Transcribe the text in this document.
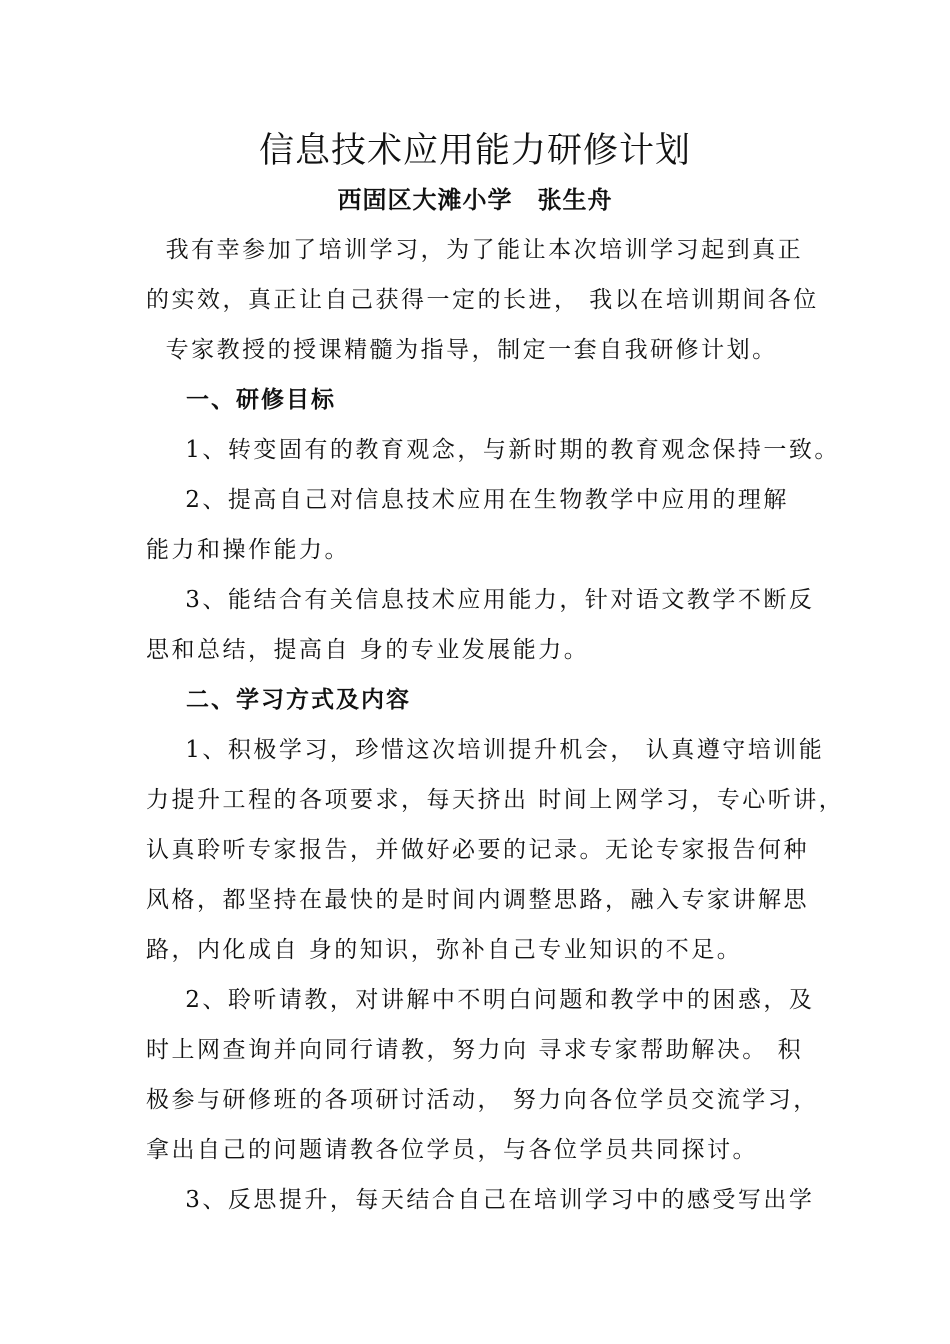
信息技术应用能力研修计划
西固区大滩小学　张生舟
我有幸参加了培训学习，为了能让本次培训学习起到真正
的实效，真正让自己获得一定的长进， 我以在培训期间各位
专家教授的授课精髓为指导，制定一套自我研修计划。
一、研修目标
1、转变固有的教育观念，与新时期的教育观念保持一致。
2、提高自己对信息技术应用在生物教学中应用的理解
能力和操作能力。
3、能结合有关信息技术应用能力，针对语文教学不断反
思和总结，提高自 身的专业发展能力。
二、学习方式及内容
1、积极学习，珍惜这次培训提升机会， 认真遵守培训能
力提升工程的各项要求，每天挤出 时间上网学习，专心听讲，
认真聆听专家报告，并做好必要的记录。无论专家报告何种
风格，都坚持在最快的是时间内调整思路，融入专家讲解思
路，内化成自 身的知识，弥补自己专业知识的不足。
2、聆听请教，对讲解中不明白问题和教学中的困惑，及
时上网查询并向同行请教，努力向 寻求专家帮助解决。 积
极参与研修班的各项研讨活动， 努力向各位学员交流学习，
拿出自己的问题请教各位学员，与各位学员共同探讨。
3、反思提升，每天结合自己在培训学习中的感受写出学
